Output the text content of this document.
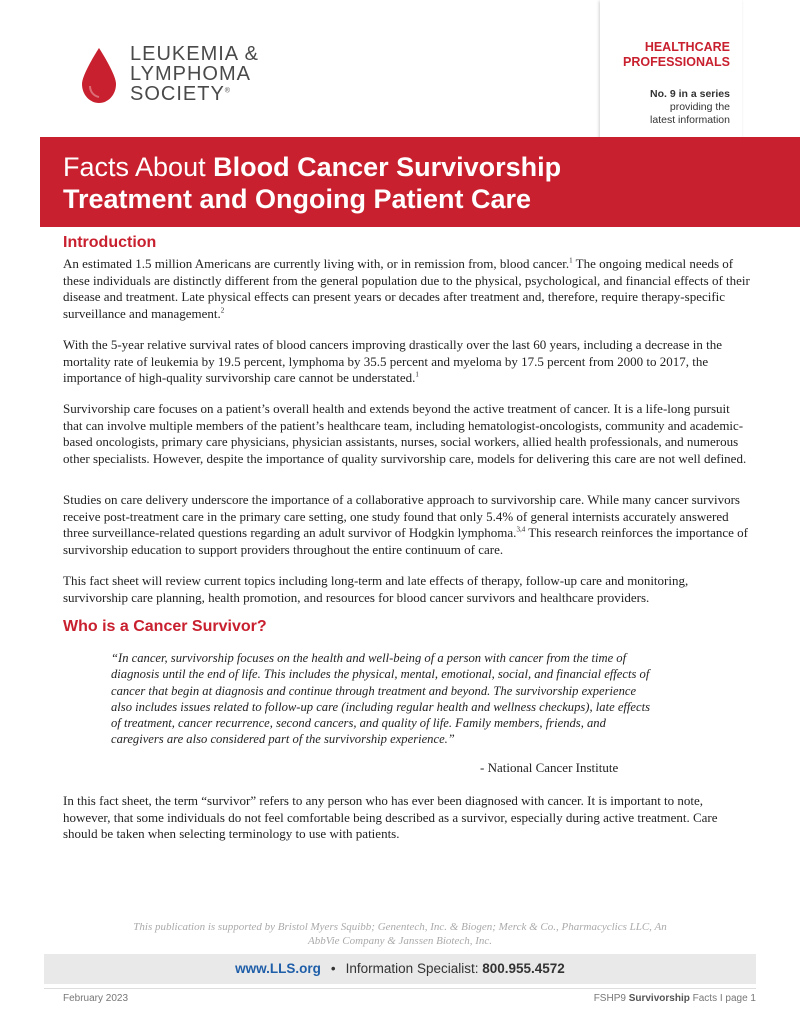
LEUKEMIA &
LYMPHOMA
SOCIETY®
HEALTHCARE
PROFESSIONALS
No. 9 in a series
providing the
latest information
Facts About Blood Cancer Survivorship
Treatment and Ongoing Patient Care
Introduction
An estimated 1.5 million Americans are currently living with, or in remission from, blood cancer.$^1$ The ongoing medical needs of these individuals are distinctly different from the general population due to the physical, psychological, and financial effects of their disease and treatment. Late physical effects can present years or decades after treatment and, therefore, require therapy-specific surveillance and management.$^2$
With the 5-year relative survival rates of blood cancers improving drastically over the last 60 years, including a decrease in the mortality rate of leukemia by 19.5 percent, lymphoma by 35.5 percent and myeloma by 17.5 percent from 2000 to 2017, the importance of high-quality survivorship care cannot be understated.$^1$
Survivorship care focuses on a patient’s overall health and extends beyond the active treatment of cancer. It is a life-long pursuit that can involve multiple members of the patient’s healthcare team, including hematologist-oncologists, community and academic-based oncologists, primary care physicians, physician assistants, nurses, social workers, allied health professionals, and numerous other specialists. However, despite the importance of quality survivorship care, models for delivering this care are not well defined.
Studies on care delivery underscore the importance of a collaborative approach to survivorship care. While many cancer survivors receive post-treatment care in the primary care setting, one study found that only 5.4% of general internists accurately answered three surveillance-related questions regarding an adult survivor of Hodgkin lymphoma.$^{3,4}$ This research reinforces the importance of survivorship education to support providers throughout the entire continuum of care.
This fact sheet will review current topics including long-term and late effects of therapy, follow-up care and monitoring, survivorship care planning, health promotion, and resources for blood cancer survivors and healthcare providers.
Who is a Cancer Survivor?
“In cancer, survivorship focuses on the health and well-being of a person with cancer from the time of diagnosis until the end of life. This includes the physical, mental, emotional, social, and financial effects of cancer that begin at diagnosis and continue through treatment and beyond. The survivorship experience also includes issues related to follow-up care (including regular health and wellness checkups), late effects of treatment, cancer recurrence, second cancers, and quality of life. Family members, friends, and caregivers are also considered part of the survivorship experience.”
- National Cancer Institute
In this fact sheet, the term “survivor” refers to any person who has ever been diagnosed with cancer. It is important to note, however, that some individuals do not feel comfortable being described as a survivor, especially during active treatment. Care should be taken when selecting terminology to use with patients.
This publication is supported by Bristol Myers Squibb; Genentech, Inc. & Biogen; Merck & Co., Pharmacyclics LLC, An AbbVie Company & Janssen Biotech, Inc.
www.LLS.org • Information Specialist: 800.955.4572
February 2023	FSHP9 Survivorship Facts I page 1
